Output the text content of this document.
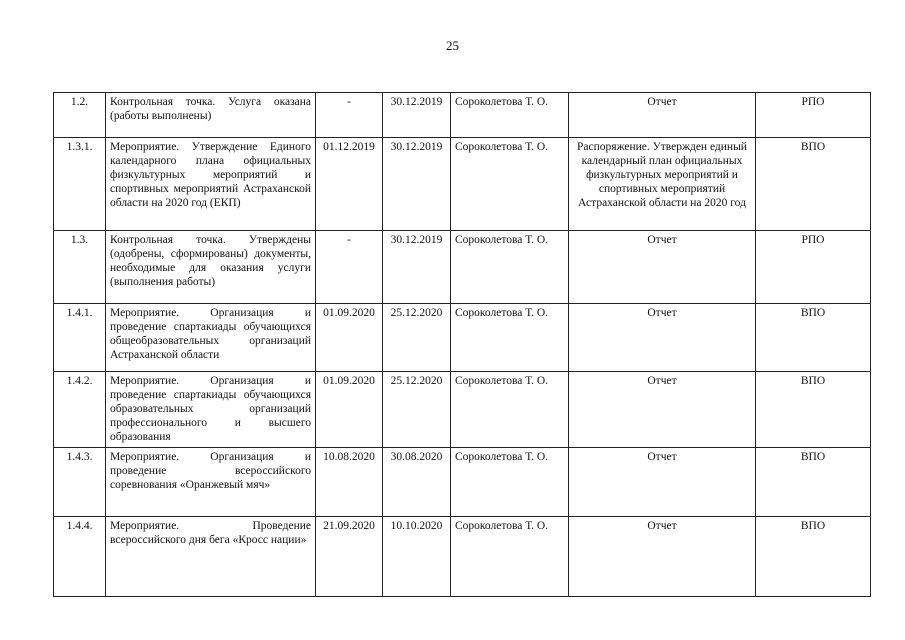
25
1.2.	Контрольная точка. Услуга оказана (работы выполнены)	-	30.12.2019	Сороколетова Т. О.	Отчет	РПО
1.3.1.	Мероприятие. Утверждение Единого календарного плана официальных физкультурных мероприятий и спортивных мероприятий Астраханской области на 2020 год (ЕКП)	01.12.2019	30.12.2019	Сороколетова Т. О.	Распоряжение. Утвержден единый календарный план официальных физкультурных мероприятий и спортивных мероприятий Астраханской области на 2020 год	ВПО
1.3.	Контрольная точка. Утверждены (одобрены, сформированы) документы, необходимые для оказания услуги (выполнения работы)	-	30.12.2019	Сороколетова Т. О.	Отчет	РПО
1.4.1.	Мероприятие. Организация и проведение спартакиады обучающихся общеобразовательных организаций Астраханской области	01.09.2020	25.12.2020	Сороколетова Т. О.	Отчет	ВПО
1.4.2.	Мероприятие. Организация и проведение спартакиады обучающихся образовательных организаций профессионального и высшего образования	01.09.2020	25.12.2020	Сороколетова Т. О.	Отчет	ВПО
1.4.3.	Мероприятие. Организация и проведение всероссийского соревнования «Оранжевый мяч»	10.08.2020	30.08.2020	Сороколетова Т. О.	Отчет	ВПО
1.4.4.	Мероприятие. Проведение всероссийского дня бега «Кросс нации»	21.09.2020	10.10.2020	Сороколетова Т. О.	Отчет	ВПО
